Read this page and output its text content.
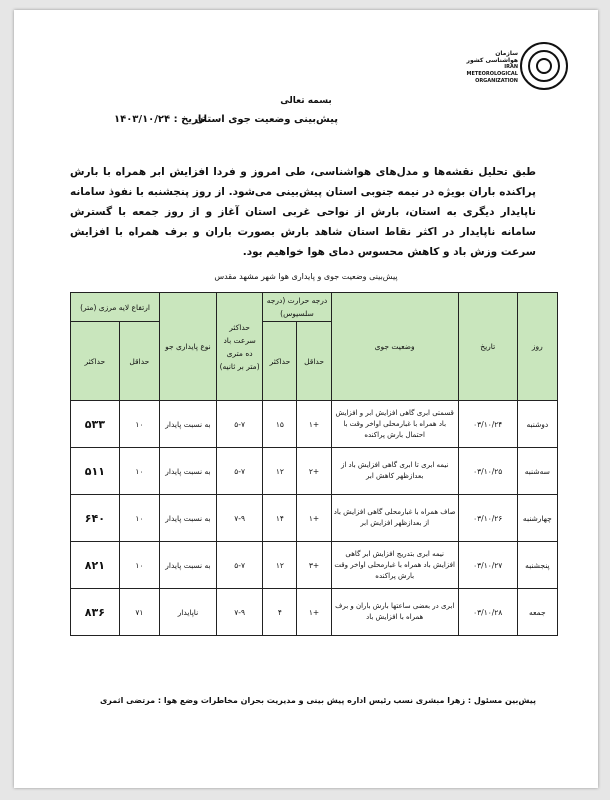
سازمان هواشناسی کشور
IRAN METEOROLOGICAL ORGANIZATION
بسمه تعالی
پیش‌بینی وضعیت جوی استان
تاریخ : ۱۴۰۳/۱۰/۲۴
طبق تحلیل نقشه‌ها و مدل‌های هواشناسی، طی امروز و فردا افزایش ابر همراه با بارش پراکنده باران بویژه در نیمه جنوبی استان پیش‌بینی می‌شود. از روز پنجشنبه با نفوذ سامانه ناپایدار دیگری به استان، بارش از نواحی غربی استان آغاز و از روز جمعه با گسترش سامانه ناپایدار در اکثر نقاط استان شاهد بارش بصورت باران و برف همراه با افزایش سرعت وزش باد و کاهش محسوس دمای هوا خواهیم بود.
پیش‌بینی وضعیت جوی و پایداری هوا شهر مشهد مقدس
روز	تاریخ	وضعیت جوی	درجه حرارت (درجه سلسیوس)		حداکثر سرعت باد ده متری (متر بر ثانیه)	نوع پایداری جو	ارتفاع لایه مرزی (متر)	
			حداقل	حداکثر			حداقل	حداکثر
دوشنبه	۰۳/۱۰/۲۴	قسمتی ابری گاهی افزایش ابر و افزایش باد همراه با غبارمحلی اواخر وقت با احتمال بارش پراکنده	+۱	۱۵	۵-۷	به نسبت پایدار	۱۰	۵۳۳
سه‌شنبه	۰۳/۱۰/۲۵	نیمه ابری تا ابری گاهی افزایش باد از بعدازظهر کاهش ابر	+۲	۱۲	۵-۷	به نسبت پایدار	۱۰	۵۱۱
چهارشنبه	۰۳/۱۰/۲۶	صاف همراه با غبارمحلی گاهی افزایش باد از بعدازظهر افزایش ابر	+۱	۱۴	۷-۹	به نسبت پایدار	۱۰	۶۴۰
پنجشنبه	۰۳/۱۰/۲۷	نیمه ابری بتدریج افزایش ابر گاهی افزایش باد همراه با غبارمحلی اواخر وقت بارش پراکنده	+۳	۱۲	۵-۷	به نسبت پایدار	۱۰	۸۲۱
جمعه	۰۳/۱۰/۲۸	ابری در بعضی ساعتها بارش باران و برف همراه با افزایش باد	+۱	۴	۷-۹	ناپایدار	۷۱	۸۳۶
پیش‌بین مسئول : زهرا مبشری نسب
رئیس اداره پیش بینی و مدیریت بحران مخاطرات وضع هوا : مرتضی اثمری
